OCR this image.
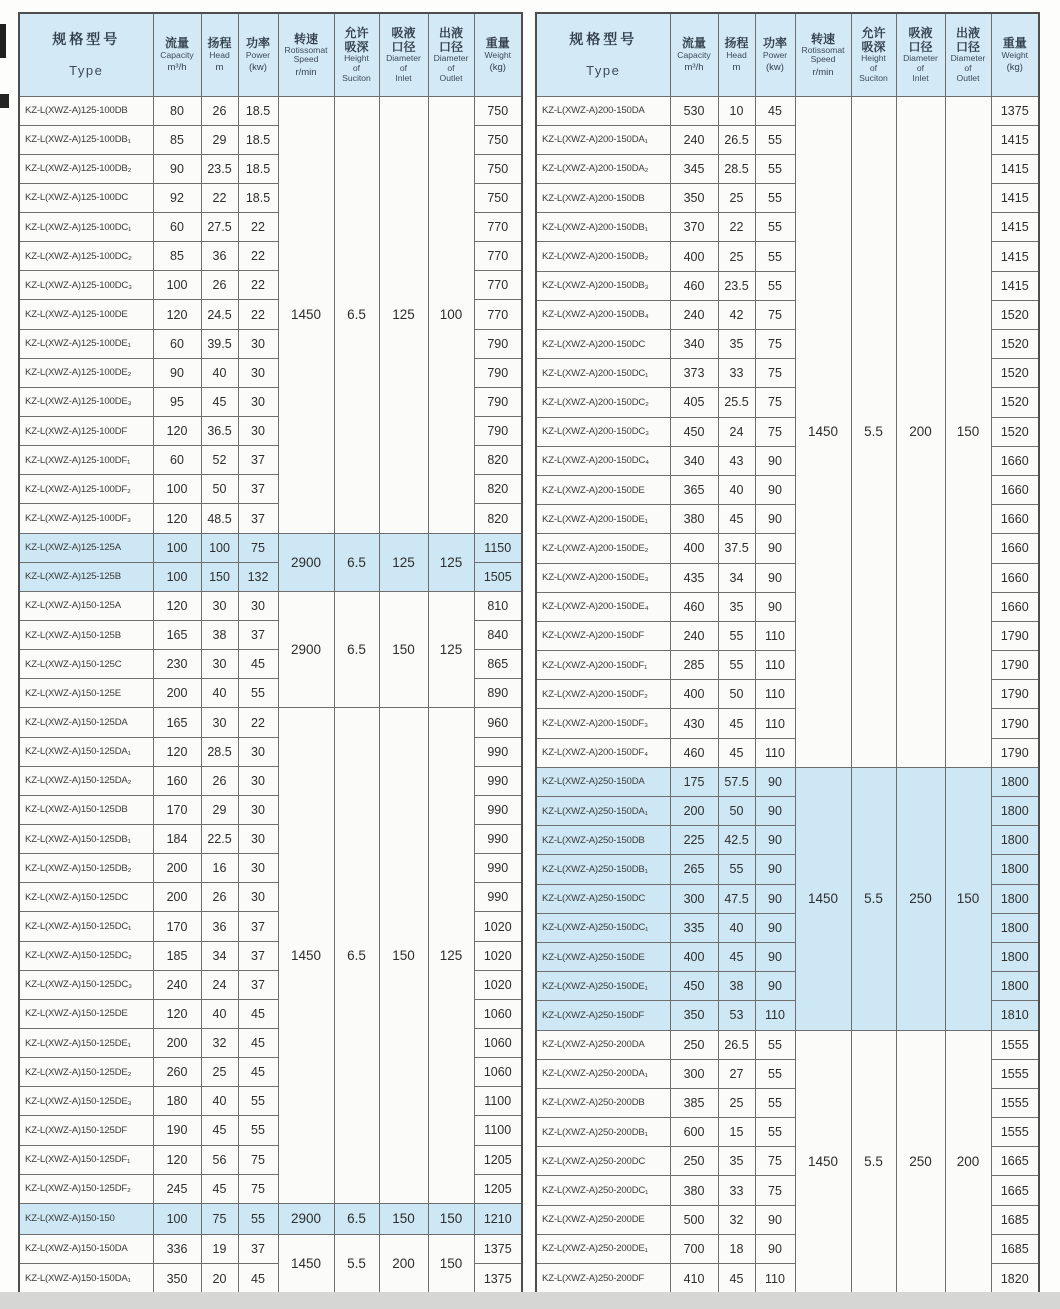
规格型号
Type

流量
Capacity
m³/h

扬程
Head
m

功率
Power
(kw)

转速
Rotissomat
Speed
r/min

允许
吸深
Height
of
Suciton

吸液
口径
Diameter
of
Inlet

出液
口径
Diameter
of
Outlet

重量
Weight
(kg)

KZ-L(XWZ-A)125-100DB	80	26	18.5	1450	6.5	125	100	750
KZ-L(XWZ-A)125-100DB₁	85	29	18.5					750
KZ-L(XWZ-A)125-100DB₂	90	23.5	18.5					750
KZ-L(XWZ-A)125-100DC	92	22	18.5					750
KZ-L(XWZ-A)125-100DC₁	60	27.5	22					770
KZ-L(XWZ-A)125-100DC₂	85	36	22					770
KZ-L(XWZ-A)125-100DC₃	100	26	22					770
KZ-L(XWZ-A)125-100DE	120	24.5	22					770
KZ-L(XWZ-A)125-100DE₁	60	39.5	30					790
KZ-L(XWZ-A)125-100DE₂	90	40	30					790
KZ-L(XWZ-A)125-100DE₃	95	45	30					790
KZ-L(XWZ-A)125-100DF	120	36.5	30					790
KZ-L(XWZ-A)125-100DF₁	60	52	37					820
KZ-L(XWZ-A)125-100DF₂	100	50	37					820
KZ-L(XWZ-A)125-100DF₃	120	48.5	37					820
KZ-L(XWZ-A)125-125A	100	100	75	2900	6.5	125	125	1150
KZ-L(XWZ-A)125-125B	100	150	132					1505
KZ-L(XWZ-A)150-125A	120	30	30	2900	6.5	150	125	810
KZ-L(XWZ-A)150-125B	165	38	37					840
KZ-L(XWZ-A)150-125C	230	30	45					865
KZ-L(XWZ-A)150-125E	200	40	55					890
KZ-L(XWZ-A)150-125DA	165	30	22	1450	6.5	150	125	960
KZ-L(XWZ-A)150-125DA₁	120	28.5	30					990
KZ-L(XWZ-A)150-125DA₂	160	26	30					990
KZ-L(XWZ-A)150-125DB	170	29	30					990
KZ-L(XWZ-A)150-125DB₁	184	22.5	30					990
KZ-L(XWZ-A)150-125DB₂	200	16	30					990
KZ-L(XWZ-A)150-125DC	200	26	30					990
KZ-L(XWZ-A)150-125DC₁	170	36	37					1020
KZ-L(XWZ-A)150-125DC₂	185	34	37					1020
KZ-L(XWZ-A)150-125DC₃	240	24	37					1020
KZ-L(XWZ-A)150-125DE	120	40	45					1060
KZ-L(XWZ-A)150-125DE₁	200	32	45					1060
KZ-L(XWZ-A)150-125DE₂	260	25	45					1060
KZ-L(XWZ-A)150-125DE₃	180	40	55					1100
KZ-L(XWZ-A)150-125DF	190	45	55					1100
KZ-L(XWZ-A)150-125DF₁	120	56	75					1205
KZ-L(XWZ-A)150-125DF₂	245	45	75					1205
KZ-L(XWZ-A)150-150	100	75	55	2900	6.5	150	150	1210
KZ-L(XWZ-A)150-150DA	336	19	37	1450	5.5	200	150	1375
KZ-L(XWZ-A)150-150DA₁	350	20	45					1375
规格型号
Type

流量
Capacity
m³/h

扬程
Head
m

功率
Power
(kw)

转速
Rotissomat
Speed
r/min

允许
吸深
Height
of
Suciton

吸液
口径
Diameter
of
Inlet

出液
口径
Diameter
of
Outlet

重量
Weight
(kg)

KZ-L(XWZ-A)200-150DA	530	10	45	1450	5.5	200	150	1375
KZ-L(XWZ-A)200-150DA₁	240	26.5	55					1415
KZ-L(XWZ-A)200-150DA₂	345	28.5	55					1415
KZ-L(XWZ-A)200-150DB	350	25	55					1415
KZ-L(XWZ-A)200-150DB₁	370	22	55					1415
KZ-L(XWZ-A)200-150DB₂	400	25	55					1415
KZ-L(XWZ-A)200-150DB₃	460	23.5	55					1415
KZ-L(XWZ-A)200-150DB₄	240	42	75					1520
KZ-L(XWZ-A)200-150DC	340	35	75					1520
KZ-L(XWZ-A)200-150DC₁	373	33	75					1520
KZ-L(XWZ-A)200-150DC₂	405	25.5	75					1520
KZ-L(XWZ-A)200-150DC₃	450	24	75					1520
KZ-L(XWZ-A)200-150DC₄	340	43	90					1660
KZ-L(XWZ-A)200-150DE	365	40	90					1660
KZ-L(XWZ-A)200-150DE₁	380	45	90					1660
KZ-L(XWZ-A)200-150DE₂	400	37.5	90					1660
KZ-L(XWZ-A)200-150DE₃	435	34	90					1660
KZ-L(XWZ-A)200-150DE₄	460	35	90					1660
KZ-L(XWZ-A)200-150DF	240	55	110					1790
KZ-L(XWZ-A)200-150DF₁	285	55	110					1790
KZ-L(XWZ-A)200-150DF₂	400	50	110					1790
KZ-L(XWZ-A)200-150DF₃	430	45	110					1790
KZ-L(XWZ-A)200-150DF₄	460	45	110					1790
KZ-L(XWZ-A)250-150DA	175	57.5	90	1450	5.5	250	150	1800
KZ-L(XWZ-A)250-150DA₁	200	50	90					1800
KZ-L(XWZ-A)250-150DB	225	42.5	90					1800
KZ-L(XWZ-A)250-150DB₁	265	55	90					1800
KZ-L(XWZ-A)250-150DC	300	47.5	90					1800
KZ-L(XWZ-A)250-150DC₁	335	40	90					1800
KZ-L(XWZ-A)250-150DE	400	45	90					1800
KZ-L(XWZ-A)250-150DE₁	450	38	90					1800
KZ-L(XWZ-A)250-150DF	350	53	110					1810
KZ-L(XWZ-A)250-200DA	250	26.5	55	1450	5.5	250	200	1555
KZ-L(XWZ-A)250-200DA₁	300	27	55					1555
KZ-L(XWZ-A)250-200DB	385	25	55					1555
KZ-L(XWZ-A)250-200DB₁	600	15	55					1555
KZ-L(XWZ-A)250-200DC	250	35	75					1665
KZ-L(XWZ-A)250-200DC₁	380	33	75					1665
KZ-L(XWZ-A)250-200DE	500	32	90					1685
KZ-L(XWZ-A)250-200DE₁	700	18	90					1685
KZ-L(XWZ-A)250-200DF	410	45	110					1820
